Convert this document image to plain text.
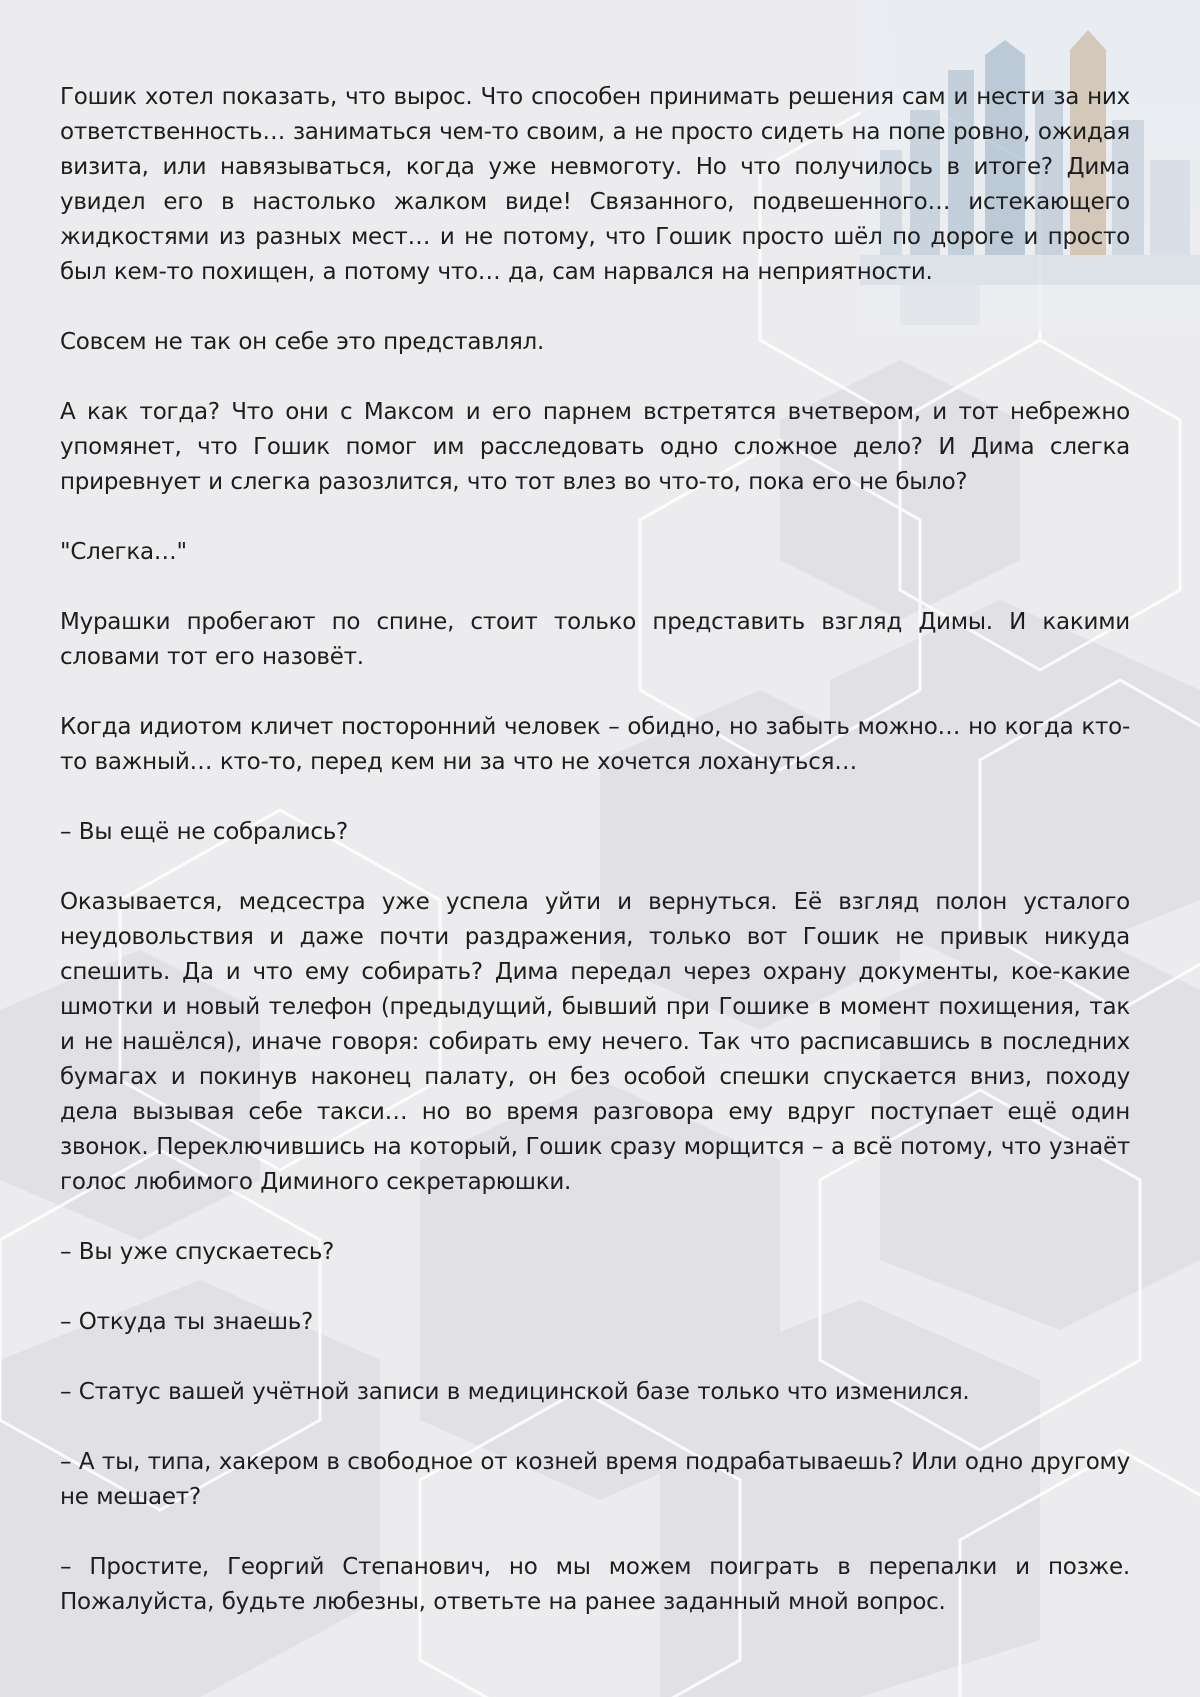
Гошик хотел показать, что вырос. Что способен принимать решения сам и нести за них ответственность… заниматься чем-то своим, а не просто сидеть на попе ровно, ожидая визита, или навязываться, когда уже невмоготу. Но что получилось в итоге? Дима увидел его в настолько жалком виде! Связанного, подвешенного… истекающего жидкостями из разных мест… и не потому, что Гошик просто шёл по дороге и просто был кем-то похищен, а потому что… да, сам нарвался на неприятности.

Совсем не так он себе это представлял.

А как тогда? Что они с Максом и его парнем встретятся вчетвером, и тот небрежно упомянет, что Гошик помог им расследовать одно сложное дело? И Дима слегка приревнует и слегка разозлится, что тот влез во что-то, пока его не было?

"Слегка…"

Мурашки пробегают по спине, стоит только представить взгляд Димы. И какими словами тот его назовёт.

Когда идиотом кличет посторонний человек – обидно, но забыть можно… но когда кто-то важный… кто-то, перед кем ни за что не хочется лохануться…

– Вы ещё не собрались?

Оказывается, медсестра уже успела уйти и вернуться. Её взгляд полон усталого неудовольствия и даже почти раздражения, только вот Гошик не привык никуда спешить. Да и что ему собирать? Дима передал через охрану документы, кое-какие шмотки и новый телефон (предыдущий, бывший при Гошике в момент похищения, так и не нашёлся), иначе говоря: собирать ему нечего. Так что расписавшись в последних бумагах и покинув наконец палату, он без особой спешки спускается вниз, походу дела вызывая себе такси… но во время разговора ему вдруг поступает ещё один звонок. Переключившись на который, Гошик сразу морщится – а всё потому, что узнаёт голос любимого Диминого секретарюшки.

– Вы уже спускаетесь?

– Откуда ты знаешь?

– Статус вашей учётной записи в медицинской базе только что изменился.

– А ты, типа, хакером в свободное от козней время подрабатываешь? Или одно другому не мешает?

– Простите, Георгий Степанович, но мы можем поиграть в перепалки и позже. Пожалуйста, будьте любезны, ответьте на ранее заданный мной вопрос.
